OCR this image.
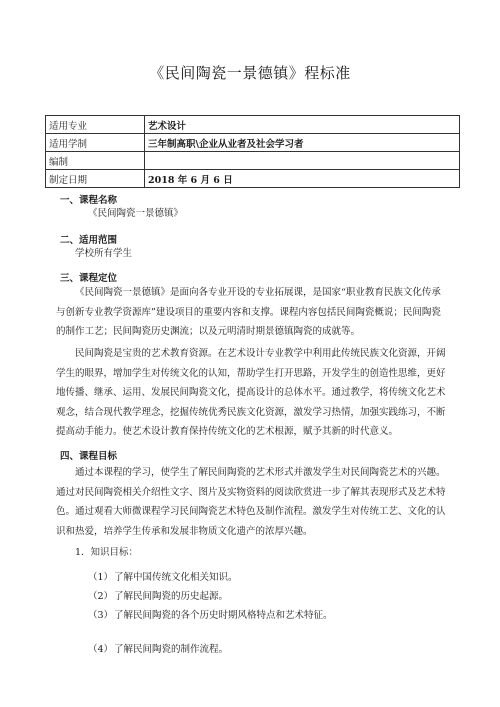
《民间陶瓷一景德镇》程标准
适用专业	艺术设计
适用学制	三年制高职\企业从业者及社会学习者
编制	
制定日期	2018 年 6 月 6 日
一、课程名称
《民间陶瓷一景德镇》
二、适用范围
学校所有学生
三、课程定位
《民间陶瓷一景德镇》是面向各专业开设的专业拓展课，是国家“职业教育民族文化传承与创新专业教学资源库”建设项目的重要内容和支撑。课程内容包括民间陶瓷概说；民间陶瓷的制作工艺；民间陶瓷历史渊流；以及元明清时期景德镇陶瓷的成就等。
民间陶瓷是宝贵的艺术教育资源。在艺术设计专业教学中利用此传统民族文化资源，开阔学生的眼界，增加学生对传统文化的认知，帮助学生打开思路，开发学生的创造性思维，更好地传播、继承、运用、发展民间陶瓷文化，提高设计的总体水平。通过教学，将传统文化艺术观念，结合现代教学理念，挖掘传统优秀民族文化资源，激发学习热情，加强实践练习，不断提高动手能力。使艺术设计教育保持传统文化的艺术根源，赋予其新的时代意义。
四、课程目标
通过本课程的学习，使学生了解民间陶瓷的艺术形式并激发学生对民间陶瓷艺术的兴趣。通过对民间陶瓷相关介绍性文字、图片及实物资料的阅读欣赏进一步了解其表现形式及艺术特色。通过观看大师微课程学习民间陶瓷艺术特色及制作流程。激发学生对传统工艺、文化的认识和热爱，培养学生传承和发展非物质文化遗产的浓厚兴趣。
1．知识目标：
（1）了解中国传统文化相关知识。
（2）了解民间陶瓷的历史起源。
（3）了解民间陶瓷的各个历史时期风格特点和艺术特征。
（4）了解民间陶瓷的制作流程。
